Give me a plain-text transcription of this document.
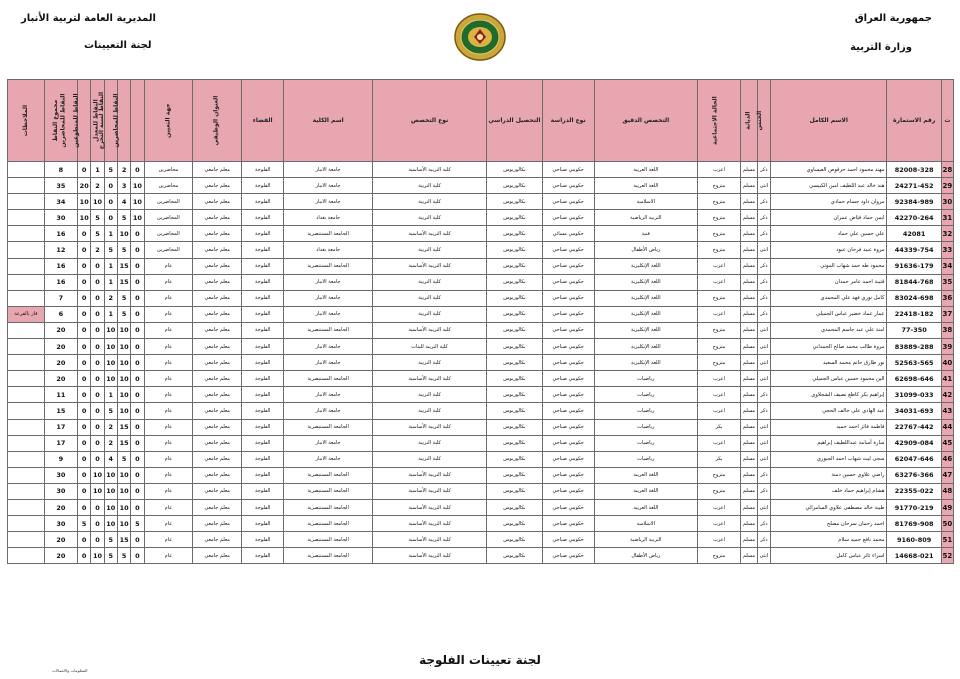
جمهورية العراق
وزارة التربية
المديرية العامة لتربية الأنبار
لجنة التعيينات
ت	رقم الاستمارة	الاسم الكامل	الجنس	الديانة	الحالة الاجتماعية	التخصص الدقيق	نوع الدراسة	التحصيل الدراسي	نوع التخصص	اسم الكلية	القضاء	العنوان الوظيفي	جهة التعيين	النقاط للمحاضرين	النقاط لسنة التخرج	النقاط للمعدل	النقاط للمتطوعين	النقاط للمحاضرين	مجموع النقاط	الملاحظات
28	82008-328	مهند محمود احمد حرقوص العيساوي	ذكر	مسلم	اعزب	اللغة العربية	حكومي صباحي	بكالوريوس	كلية التربية الأساسية	جامعة الانبار	الفلوجة	معلم جامعي	محاضرين	0	2	5	1	0	8	
29	24271-452	هند خالد عبد اللطيف امين الكبيسي	انثى	مسلم	متزوج	اللغة العربية	حكومي صباحي	بكالوريوس	كلية التربية	جامعة الانبار	الفلوجة	معلم جامعي	محاضرين	10	3	0	2	20	35	
30	92384-989	مروان داود جسام حمادي	ذكر	مسلم	متزوج	الاسلامية	حكومي صباحي	بكالوريوس	كلية التربية	جامعة الانبار	الفلوجة	معلم جامعي	المحاضرين	10	4	0	10	10	34	
31	42270-264	ايمن حماد فيَاض عمران	ذكر	مسلم	متزوج	التربية الرياضية	حكومي صباحي	بكالوريوس	كلية التربية	جامعة بغداد	الفلوجة	معلم جامعي	المحاضرين	10	5	0	5	10	30	
32	42081	علي حسين علي حماد	ذكر	مسلم	متزوج	فنية	حكومي مسائي	بكالوريوس	كلية التربية الأساسية	الجامعة المستنصرية	الفلوجة	معلم جامعي	المحاضرين	0	10	1	5	0	16	
33	44339-754	مروة عبيد فرحان عبود	انثى	مسلم	متزوج	رياض الأطفال	حكومي صباحي	بكالوريوس	كلية التربية	جامعة بغداد	الفلوجة	معلم جامعي	المحاضرين	0	5	5	2	0	12	
34	91636-179	محمود طه حمد شهاب الموتي	ذكر	مسلم	اعزب	اللغة الإنكليزية	حكومي صباحي	بكالوريوس	كلية التربية الأساسية	الجامعة المستنصرية	الفلوجة	معلم جامعي	عام	0	15	1	0	0	16	
35	81844-768	قتيبة احمد عامر حمدان	ذكر	مسلم	اعزب	اللغة الإنكليزية	حكومي صباحي	بكالوريوس	كلية التربية	جامعة الانبار	الفلوجة	معلم جامعي	عام	0	15	1	0	0	16	
36	83024-698	كامل نوري فهد علي المحمدي	ذكر	مسلم	متزوج	اللغة الإنكليزية	حكومي صباحي	بكالوريوس	كلية التربية	جامعة الانبار	الفلوجة	معلم جامعي	عام	0	5	2	0	0	7	
37	22418-182	عمار عماد خضير عباس الجميلي	ذكر	مسلم	اعزب	اللغة الإنكليزية	حكومي صباحي	بكالوريوس	كلية التربية	جامعة الانبار	الفلوجة	معلم جامعي	عام	0	5	1	0	0	6	فاز بالقرعة
38	77-350	امنة علي عبد جاسم المحمدي	انثى	مسلم	متزوج	اللغة الإنكليزية	حكومي صباحي	بكالوريوس	كلية التربية الأساسية	الجامعة المستنصرية	الفلوجة	معلم جامعي	عام	0	10	10	0	0	20	
39	83889-288	مروة طالب محمد صالح الحمداني	انثى	مسلم	متزوج	اللغة الإنكليزية	حكومي صباحي	بكالوريوس	كلية التربية للبنات	جامعة الانبار	الفلوجة	معلم جامعي	عام	0	10	10	0	0	20	
40	52563-565	نور طارق حاتم محمد السعيد	انثى	مسلم	متزوج	اللغة الإنكليزية	حكومي صباحي	بكالوريوس	كلية التربية	جامعة الانبار	الفلوجة	معلم جامعي	عام	0	10	10	0	0	20	
41	62698-646	الين محمود حسين عباس الجميلي	انثى	مسلم	اعزب	رياضيات	حكومي صباحي	بكالوريوس	كلية التربية الأساسية	الجامعة المستنصرية	الفلوجة	معلم جامعي	عام	0	10	10	0	0	20	
42	31099-033	إبراهيم بكر كاظع نصيف الشجلاوي	ذكر	مسلم	اعزب	رياضيات	حكومي صباحي	بكالوريوس	كلية التربية	جامعة الانبار	الفلوجة	معلم جامعي	عام	0	10	1	0	0	11	
43	34031-693	عبد الهادي علي خالف الحجي	ذكر	مسلم	اعزب	رياضيات	حكومي صباحي	بكالوريوس	كلية التربية	جامعة الانبار	الفلوجة	معلم جامعي	عام	0	10	5	0	0	15	
44	22767-442	فاطمة فائز احمد حميد	انثى	مسلم	بكر	رياضيات	حكومي صباحي	بكالوريوس	كلية التربية الأساسية	الجامعة المستنصرية	الفلوجة	معلم جامعي	عام	0	15	2	0	0	17	
45	42909-084	سارة أسامة عبداللطيف إبراهيم	انثى	مسلم	اعزب	رياضيات	حكومي صباحي	بكالوريوس	كلية التربية	جامعة الانبار	الفلوجة	معلم جامعي	عام	0	15	2	0	0	17	
46	62047-646	سجى ليث شهاب احمد الجبوري	انثى	مسلم	بكر	رياضيات	حكومي صباحي	بكالوريوس	كلية التربية	جامعة الانبار	الفلوجة	معلم جامعي	عام	0	5	4	0	0	9	
47	63276-366	راضي علاوي حسين دمنة	ذكر	مسلم	متزوج	اللغة العربية	حكومي صباحي	بكالوريوس	كلية التربية الأساسية	الجامعة المستنصرية	الفلوجة	معلم جامعي	عام	0	10	10	10	0	30	
48	22355-022	هشام إبراهيم حماد خلف	ذكر	مسلم	متزوج	اللغة العربية	حكومي صباحي	بكالوريوس	كلية التربية الأساسية	الجامعة المستنصرية	الفلوجة	معلم جامعي	عام	0	10	10	10	0	30	
49	91770-219	طيبة خالد مصطفى علاوي السامرائي	انثى	مسلم	اعزب	اللغة العربية	حكومي صباحي	بكالوريوس	كلية التربية الأساسية	الجامعة المستنصرية	الفلوجة	معلم جامعي	عام	0	10	10	0	0	20	
50	81769-908	احمد رحمان سرحان مصلح	ذكر	مسلم	اعزب	الاسلامية	حكومي صباحي	بكالوريوس	كلية التربية الأساسية	الجامعة المستنصرية	الفلوجة	معلم جامعي	عام	5	10	10	0	5	30	
51	9160-809	محمد نافع حميد سلام	ذكر	مسلم	اعزب	التربية الرياضية	حكومي صباحي	بكالوريوس	كلية التربية الأساسية	الجامعة المستنصرية	الفلوجة	معلم جامعي	عام	0	15	5	0	0	20	
52	14668-021	اسراء ثائر عباس كامل	انثى	مسلم	متزوج	رياض الأطفال	حكومي صباحي	بكالوريوس	كلية التربية الأساسية	الجامعة المستنصرية	الفلوجة	معلم جامعي	عام	0	5	5	10	0	20	
لجنة تعيينات الفلوجة
المعلومات والاتصالات
